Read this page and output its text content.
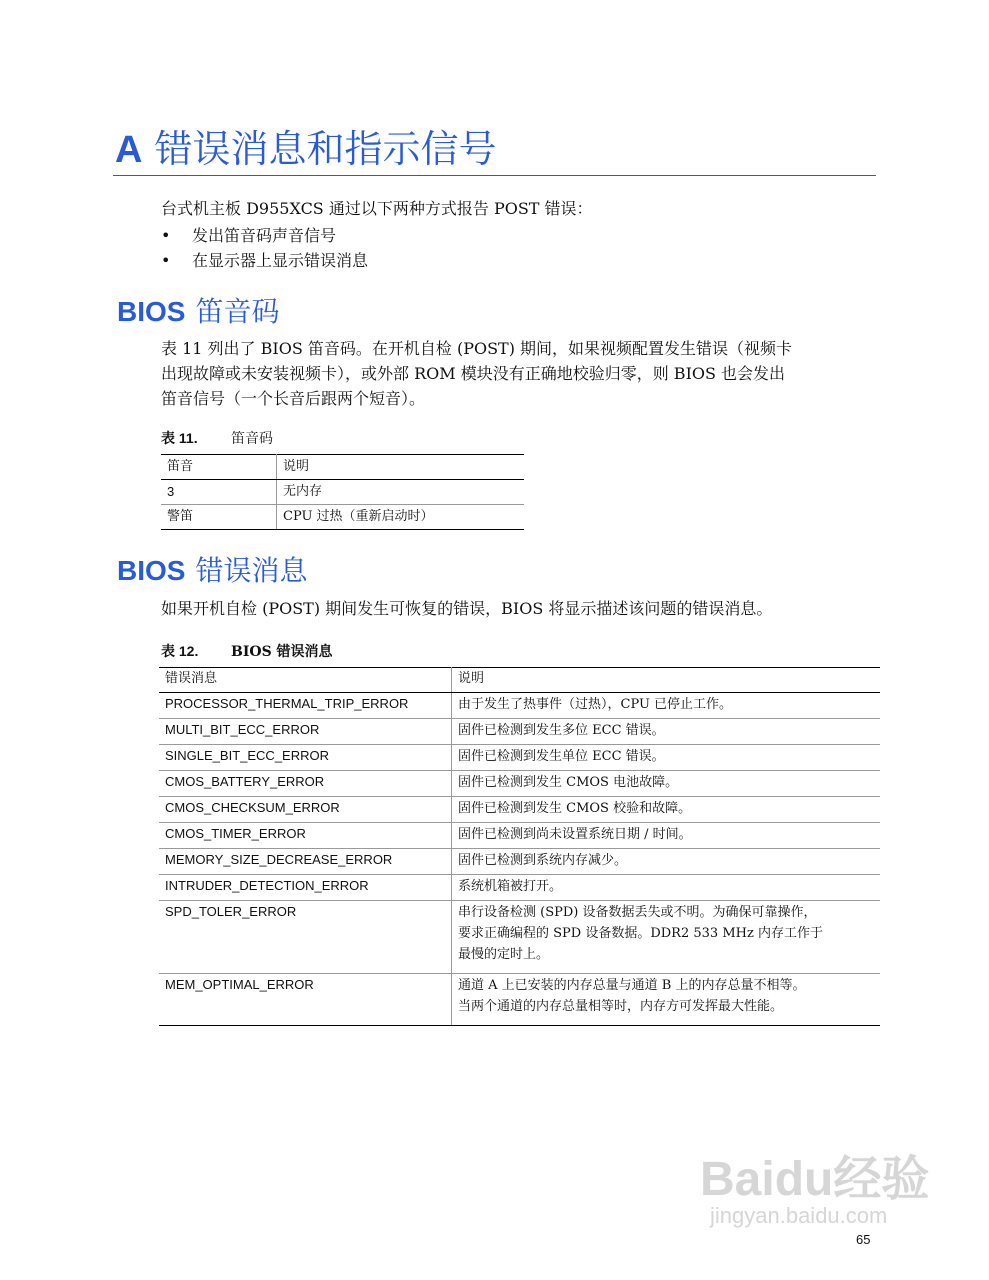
A 错误消息和指示信号

台式机主板 D955XCS 通过以下两种方式报告 POST 错误：

• 发出笛音码声音信号
• 在显示器上显示错误消息
BIOS 笛音码
表 11 列出了 BIOS 笛音码。在开机自检 (POST) 期间，如果视频配置发生错误（视频卡
出现故障或未安装视频卡），或外部 ROM 模块没有正确地校验归零，则 BIOS 也会发出
笛音信号（一个长音后跟两个短音）。
表 11. 笛音码
笛音	说明
3	无内存
警笛	CPU 过热（重新启动时）
BIOS 错误消息
如果开机自检 (POST) 期间发生可恢复的错误，BIOS 将显示描述该问题的错误消息。
表 12. BIOS 错误消息
错误消息	说明
PROCESSOR_THERMAL_TRIP_ERROR	由于发生了热事件（过热），CPU 已停止工作。

MULTI_BIT_ECC_ERROR	固件已检测到发生多位 ECC 错误。

SINGLE_BIT_ECC_ERROR	固件已检测到发生单位 ECC 错误。

CMOS_BATTERY_ERROR	固件已检测到发生 CMOS 电池故障。

CMOS_CHECKSUM_ERROR	固件已检测到发生 CMOS 校验和故障。

CMOS_TIMER_ERROR	固件已检测到尚未设置系统日期 / 时间。

MEMORY_SIZE_DECREASE_ERROR	固件已检测到系统内存减少。

INTRUDER_DETECTION_ERROR	系统机箱被打开。

SPD_TOLER_ERROR	串行设备检测 (SPD) 设备数据丢失或不明。为确保可靠操作，
要求正确编程的 SPD 设备数据。DDR2 533 MHz 内存工作于
最慢的定时上。

MEM_OPTIMAL_ERROR	通道 A 上已安装的内存总量与通道 B 上的内存总量不相等。
当两个通道的内存总量相等时，内存方可发挥最大性能。
Baidu经验
jingyan.baidu.com
65
